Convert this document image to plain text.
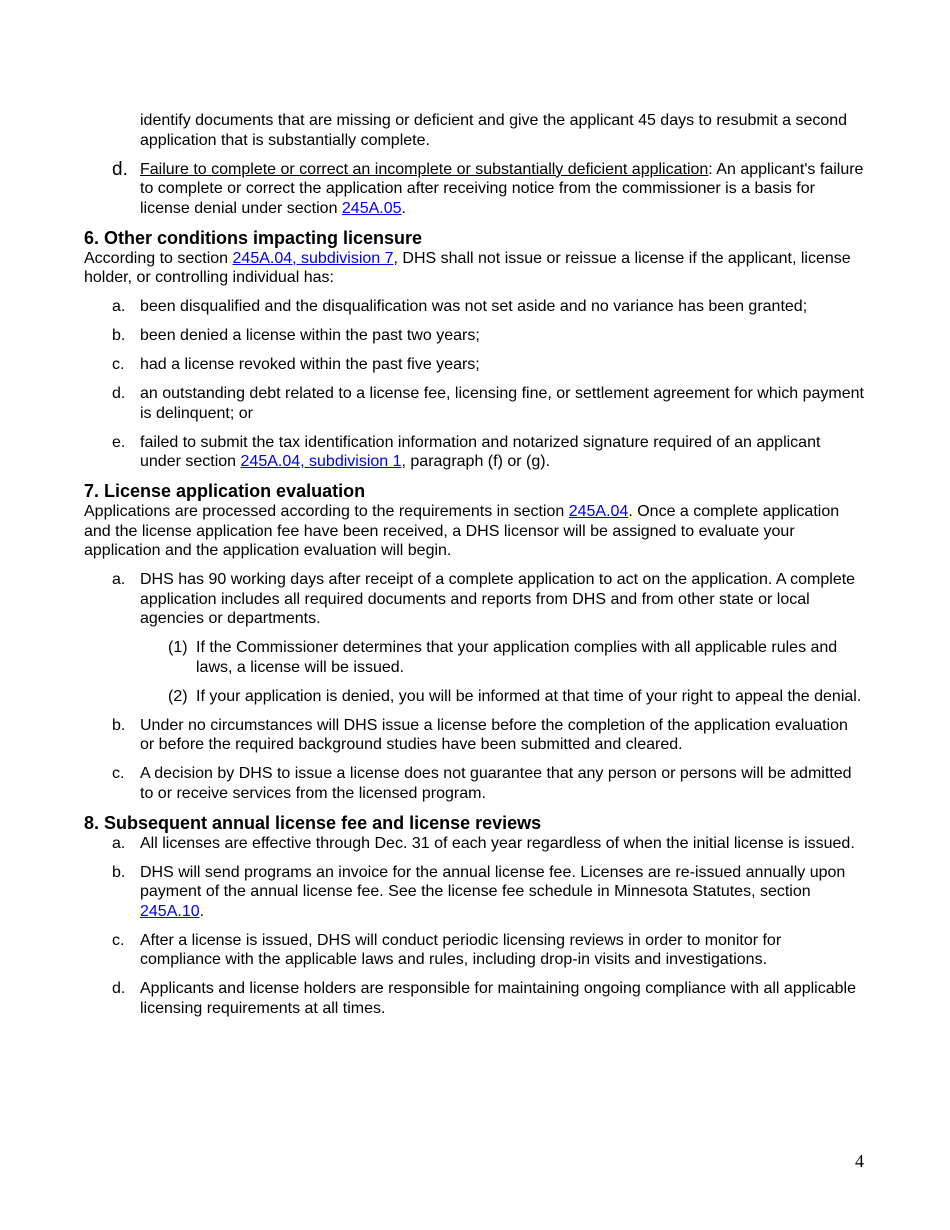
identify documents that are missing or deficient and give the applicant 45 days to resubmit a second application that is substantially complete.
d. Failure to complete or correct an incomplete or substantially deficient application: An applicant's failure to complete or correct the application after receiving notice from the commissioner is a basis for license denial under section 245A.05.
6. Other conditions impacting licensure

According to section 245A.04, subdivision 7, DHS shall not issue or reissue a license if the applicant, license holder, or controlling individual has:

a. been disqualified and the disqualification was not set aside and no variance has been granted;
b. been denied a license within the past two years;
c. had a license revoked within the past five years;
d. an outstanding debt related to a license fee, licensing fine, or settlement agreement for which payment is delinquent; or
e. failed to submit the tax identification information and notarized signature required of an applicant under section 245A.04, subdivision 1, paragraph (f) or (g).
7. License application evaluation

Applications are processed according to the requirements in section 245A.04. Once a complete application and the license application fee have been received, a DHS licensor will be assigned to evaluate your application and the application evaluation will begin.

a. DHS has 90 working days after receipt of a complete application to act on the application. A complete application includes all required documents and reports from DHS and from other state or local agencies or departments.
(1) If the Commissioner determines that your application complies with all applicable rules and laws, a license will be issued.
(2) If your application is denied, you will be informed at that time of your right to appeal the denial.
b. Under no circumstances will DHS issue a license before the completion of the application evaluation or before the required background studies have been submitted and cleared.
c. A decision by DHS to issue a license does not guarantee that any person or persons will be admitted to or receive services from the licensed program.
8. Subsequent annual license fee and license reviews
a. All licenses are effective through Dec. 31 of each year regardless of when the initial license is issued.
b. DHS will send programs an invoice for the annual license fee. Licenses are re-issued annually upon payment of the annual license fee. See the license fee schedule in Minnesota Statutes, section 245A.10.
c. After a license is issued, DHS will conduct periodic licensing reviews in order to monitor for compliance with the applicable laws and rules, including drop-in visits and investigations.
d. Applicants and license holders are responsible for maintaining ongoing compliance with all applicable licensing requirements at all times.
4
